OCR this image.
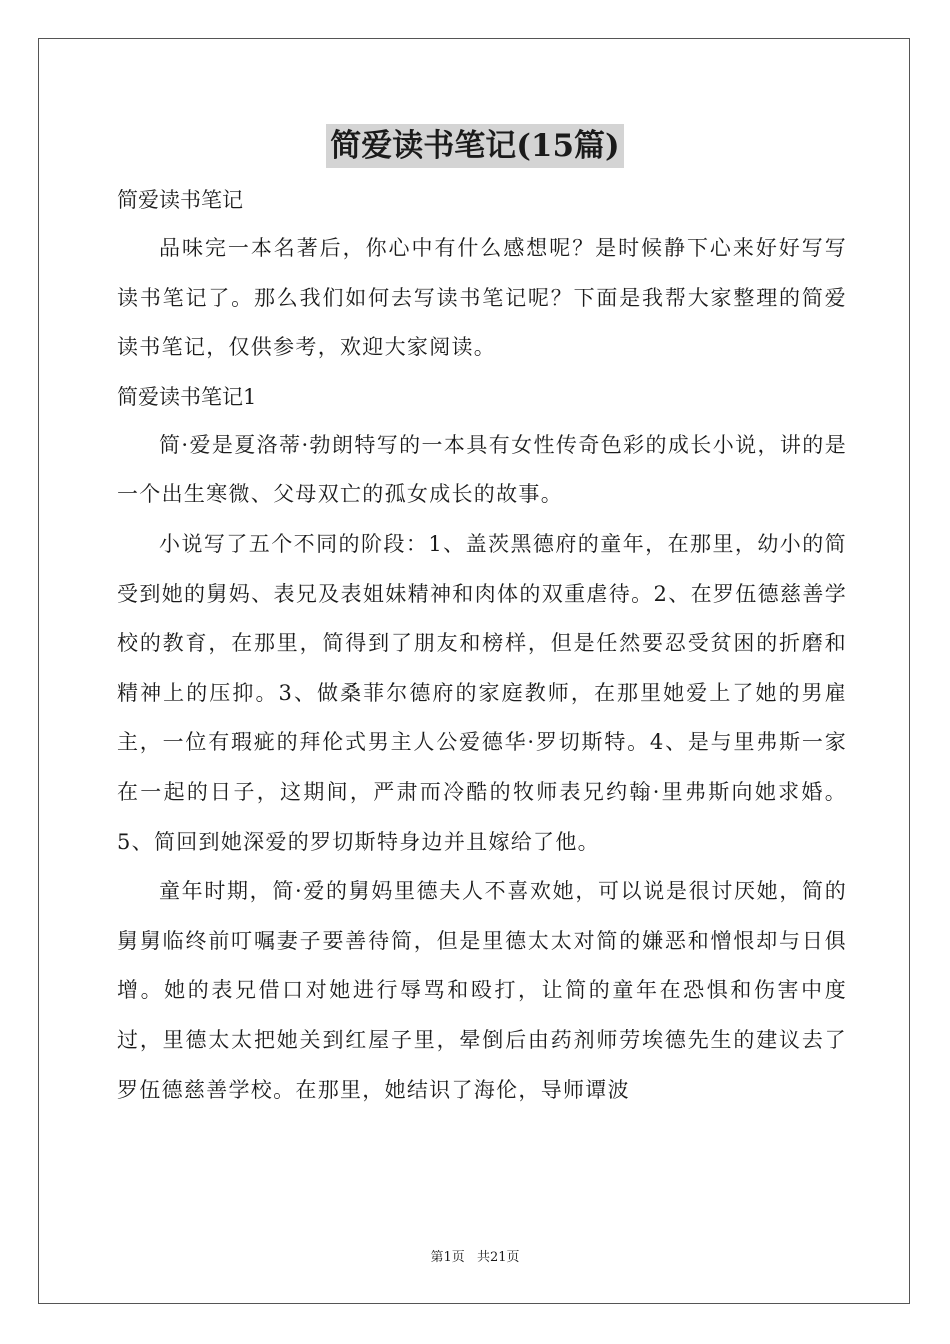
简爱读书笔记(15篇)

简爱读书笔记

品味完一本名著后，你心中有什么感想呢？是时候静下心来好好写写读书笔记了。那么我们如何去写读书笔记呢？下面是我帮大家整理的简爱读书笔记，仅供参考，欢迎大家阅读。

简爱读书笔记1

简·爱是夏洛蒂·勃朗特写的一本具有女性传奇色彩的成长小说，讲的是一个出生寒微、父母双亡的孤女成长的故事。

小说写了五个不同的阶段：1、盖茨黑德府的童年，在那里，幼小的简受到她的舅妈、表兄及表姐妹精神和肉体的双重虐待。2、在罗伍德慈善学校的教育，在那里，简得到了朋友和榜样，但是任然要忍受贫困的折磨和精神上的压抑。3、做桑菲尔德府的家庭教师，在那里她爱上了她的男雇主，一位有瑕疵的拜伦式男主人公爱德华·罗切斯特。4、是与里弗斯一家在一起的日子，这期间，严肃而冷酷的牧师表兄约翰·里弗斯向她求婚。5、简回到她深爱的罗切斯特身边并且嫁给了他。

童年时期，简·爱的舅妈里德夫人不喜欢她，可以说是很讨厌她，简的舅舅临终前叮嘱妻子要善待简，但是里德太太对简的嫌恶和憎恨却与日俱增。她的表兄借口对她进行辱骂和殴打，让简的童年在恐惧和伤害中度过，里德太太把她关到红屋子里，晕倒后由药剂师劳埃德先生的建议去了罗伍德慈善学校。在那里，她结识了海伦，导师谭波

第1页 共21页
